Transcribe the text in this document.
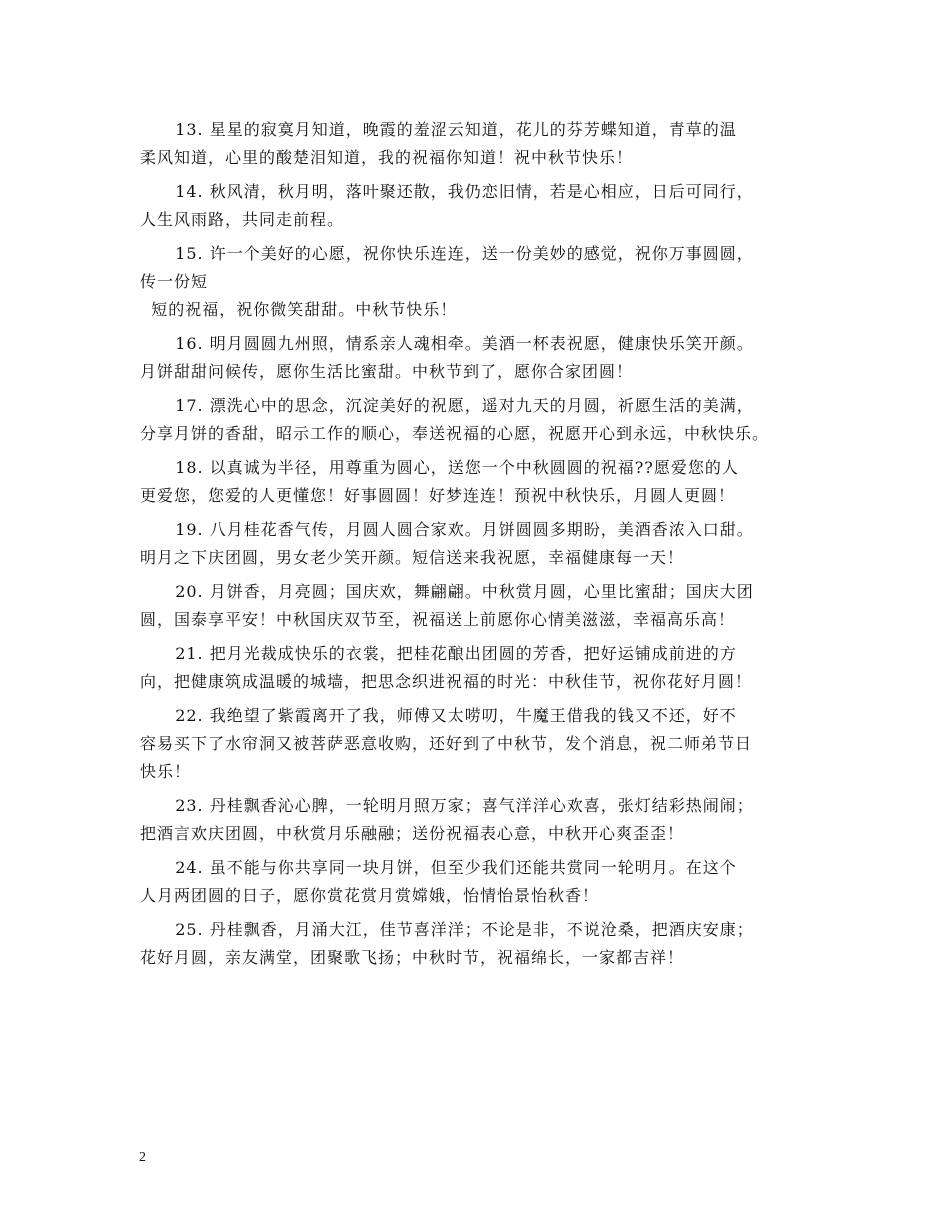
13. 星星的寂寞月知道，晚霞的羞涩云知道，花儿的芬芳蝶知道，青草的温
柔风知道，心里的酸楚泪知道，我的祝福你知道！祝中秋节快乐！
14. 秋风清，秋月明，落叶聚还散，我仍恋旧情，若是心相应，日后可同行，
人生风雨路，共同走前程。
15. 许一个美好的心愿，祝你快乐连连，送一份美妙的感觉，祝你万事圆圆，
传一份短
短的祝福，祝你微笑甜甜。中秋节快乐！
16. 明月圆圆九州照，情系亲人魂相牵。美酒一杯表祝愿，健康快乐笑开颜。
月饼甜甜问候传，愿你生活比蜜甜。中秋节到了，愿你合家团圆！
17. 漂洗心中的思念，沉淀美好的祝愿，遥对九天的月圆，祈愿生活的美满，
分享月饼的香甜，昭示工作的顺心，奉送祝福的心愿，祝愿开心到永远，中秋快乐。
18. 以真诚为半径，用尊重为圆心，送您一个中秋圆圆的祝福??愿爱您的人
更爱您，您爱的人更懂您！好事圆圆！好梦连连！预祝中秋快乐，月圆人更圆！
19. 八月桂花香气传，月圆人圆合家欢。月饼圆圆多期盼，美酒香浓入口甜。
明月之下庆团圆，男女老少笑开颜。短信送来我祝愿，幸福健康每一天！
20. 月饼香，月亮圆；国庆欢，舞翩翩。中秋赏月圆，心里比蜜甜；国庆大团
圆，国泰享平安！中秋国庆双节至，祝福送上前愿你心情美滋滋，幸福高乐高！
21. 把月光裁成快乐的衣裳，把桂花酿出团圆的芳香，把好运铺成前进的方
向，把健康筑成温暖的城墙，把思念织进祝福的时光：中秋佳节，祝你花好月圆！
22. 我绝望了紫霞离开了我，师傅又太唠叨，牛魔王借我的钱又不还，好不
容易买下了水帘洞又被菩萨恶意收购，还好到了中秋节，发个消息，祝二师弟节日
快乐！
23. 丹桂飘香沁心脾，一轮明月照万家；喜气洋洋心欢喜，张灯结彩热闹闹；
把酒言欢庆团圆，中秋赏月乐融融；送份祝福表心意，中秋开心爽歪歪！
24. 虽不能与你共享同一块月饼，但至少我们还能共赏同一轮明月。在这个
人月两团圆的日子，愿你赏花赏月赏嫦娥，怡情怡景怡秋香！
25. 丹桂飘香，月涌大江，佳节喜洋洋；不论是非，不说沧桑，把酒庆安康；
花好月圆，亲友满堂，团聚歌飞扬；中秋时节，祝福绵长，一家都吉祥！
2
